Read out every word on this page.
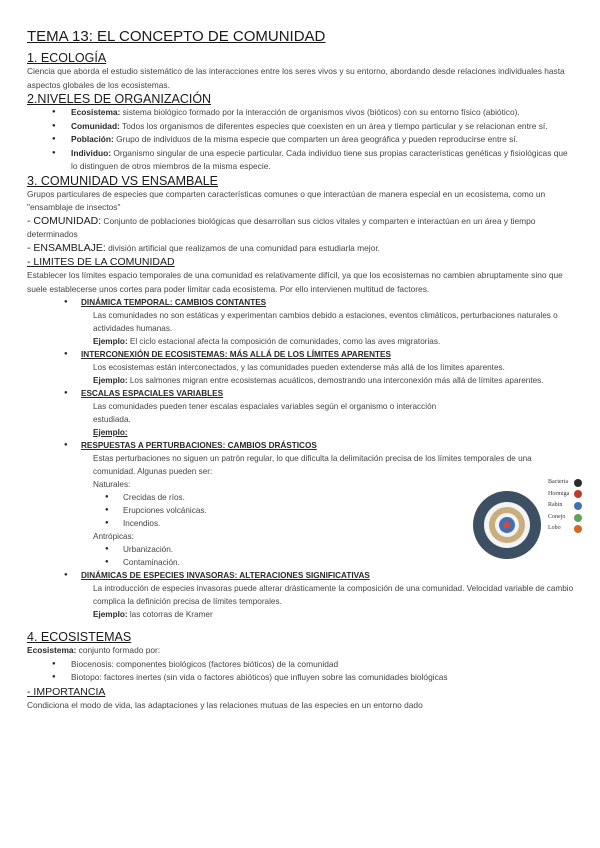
TEMA 13: EL CONCEPTO DE COMUNIDAD
1. ECOLOGÍA

Ciencia que aborda el estudio sistemático de las interacciones entre los seres vivos y su entorno, abordando desde relaciones individuales hasta aspectos globales de los ecosistemas.

2.NIVELES DE ORGANIZACIÓN
● Ecosistema: sistema biológico formado por la interacción de organismos vivos (bióticos) con su entorno físico (abiótico).
● Comunidad: Todos los organismos de diferentes especies que coexisten en un área y tiempo particular y se relacionan entre sí.
● Población: Grupo de individuos de la misma especie que comparten un área geográfica y pueden reproducirse entre sí.
● Individuo: Organismo singular de una especie particular. Cada individuo tiene sus propias características genéticas y fisiológicas que lo distinguen de otros miembros de la misma especie.
3. COMUNIDAD VS ENSAMBALE

Grupos particulares de especies que comparten características comunes o que interactúan de manera especial en un ecosistema, como un "ensamblaje de insectos"

- COMUNIDAD: Conjunto de poblaciones biológicas que desarrollan sus ciclos vitales y comparten e interactúan en un área y tiempo determinados

- ENSAMBLAJE: división artificial que realizamos de una comunidad para estudiarla mejor.

- LIMITES DE LA COMUNIDAD

Establecer los límites espacio temporales de una comunidad es relativamente difícil, ya que los ecosistemas no cambien abruptamente sino que suele establecerse unos cortes para poder limitar cada ecosistema. Por ello intervienen multitud de factores.

● DINÁMICA TEMPORAL: CAMBIOS CONTANTES
Las comunidades no son estáticas y experimentan cambios debido a estaciones, eventos climáticos, perturbaciones naturales o actividades humanas.
Ejemplo: El ciclo estacional afecta la composición de comunidades, como las aves migratorias.
● INTERCONEXIÓN DE ECOSISTEMAS: MÁS ALLÁ DE LOS LÍMITES APARENTES
Los ecosistemas están interconectados, y las comunidades pueden extenderse más allá de los límites aparentes.
Ejemplo: Los salmones migran entre ecosistemas acuáticos, demostrando una interconexión más allá de límites aparentes.
● ESCALAS ESPACIALES VARIABLES
Las comunidades pueden tener escalas espaciales variables según el organismo o interacción estudiada.
Ejemplo:
● RESPUESTAS A PERTURBACIONES: CAMBIOS DRÁSTICOS
Estas perturbaciones no siguen un patrón regular, lo que dificulta la delimitación precisa de los límites temporales de una comunidad. Algunas pueden ser:
Naturales:
● Crecidas de ríos.
● Erupciones volcánicas.
● Incendios.
Antrópicas:
● Urbanización.
● Contaminación.
● DINÁMICAS DE ESPECIES INVASORAS: ALTERACIONES SIGNIFICATIVAS
La introducción de especies invasoras puede alterar drásticamente la composición de una comunidad. Velocidad variable de cambio complica la definición precisa de límites temporales.
Ejemplo: las cotorras de Kramer
4. ECOSISTEMAS

Ecosistema: conjunto formado por:

● Biocenosis: componentes biológicos (factores bióticos) de la comunidad
● Biotopo: factores inertes (sin vida o factores abióticos) que influyen sobre las comunidades biológicas
- IMPORTANCIA

Condiciona el modo de vida, las adaptaciones y las relaciones mutuas de las especies en un entorno dado

Bacteria
Hormiga
Rabin
Conejo
Lobo
